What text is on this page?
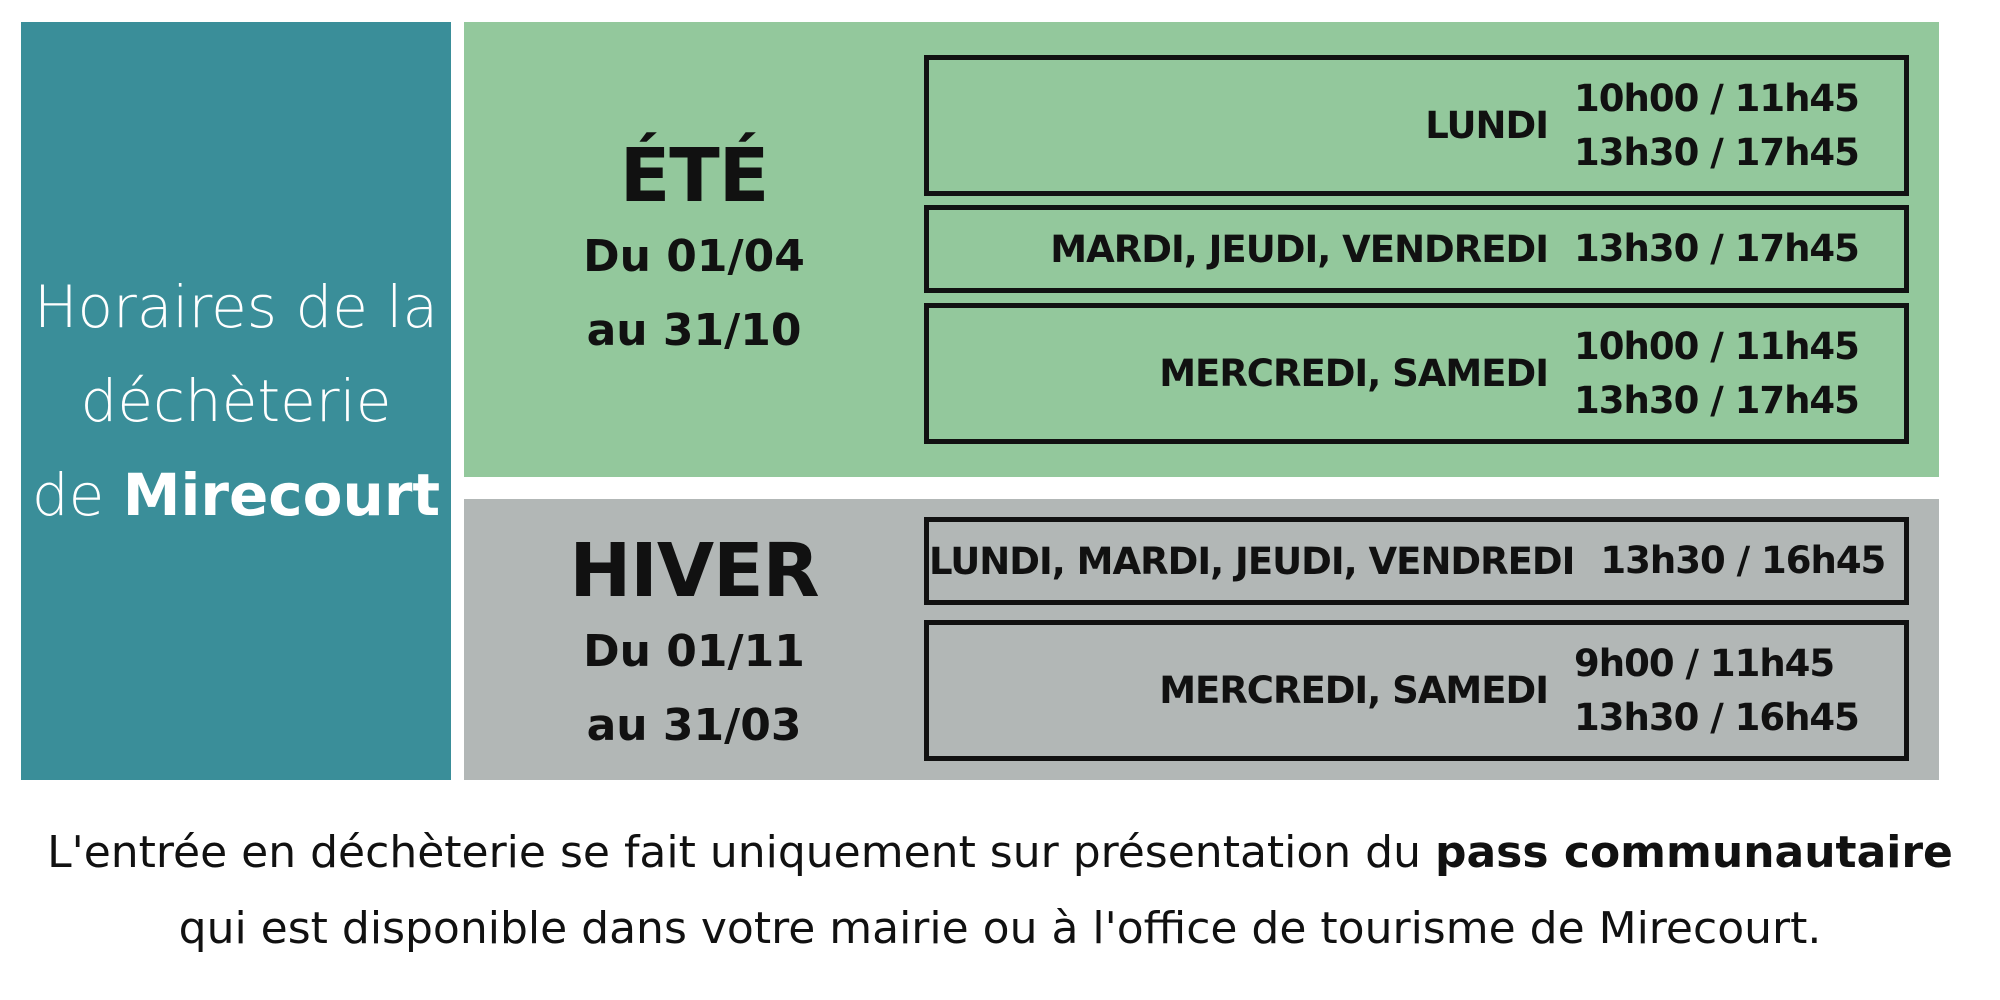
Horaires de la
déchèterie
de Mirecourt
ÉTÉ
Du 01/04
au 31/10
LUNDI
10h00 / 11h45
13h30 / 17h45
MARDI, JEUDI, VENDREDI 13h30 / 17h45
MERCREDI, SAMEDI
10h00 / 11h45
13h30 / 17h45
HIVER
Du 01/11
au 31/03
LUNDI, MARDI, JEUDI, VENDREDI 13h30 / 16h45
MERCREDI, SAMEDI
9h00 / 11h45
13h30 / 16h45
L'entrée en déchèterie se fait uniquement sur présentation du pass communautaire
qui est disponible dans votre mairie ou à l'office de tourisme de Mirecourt.
